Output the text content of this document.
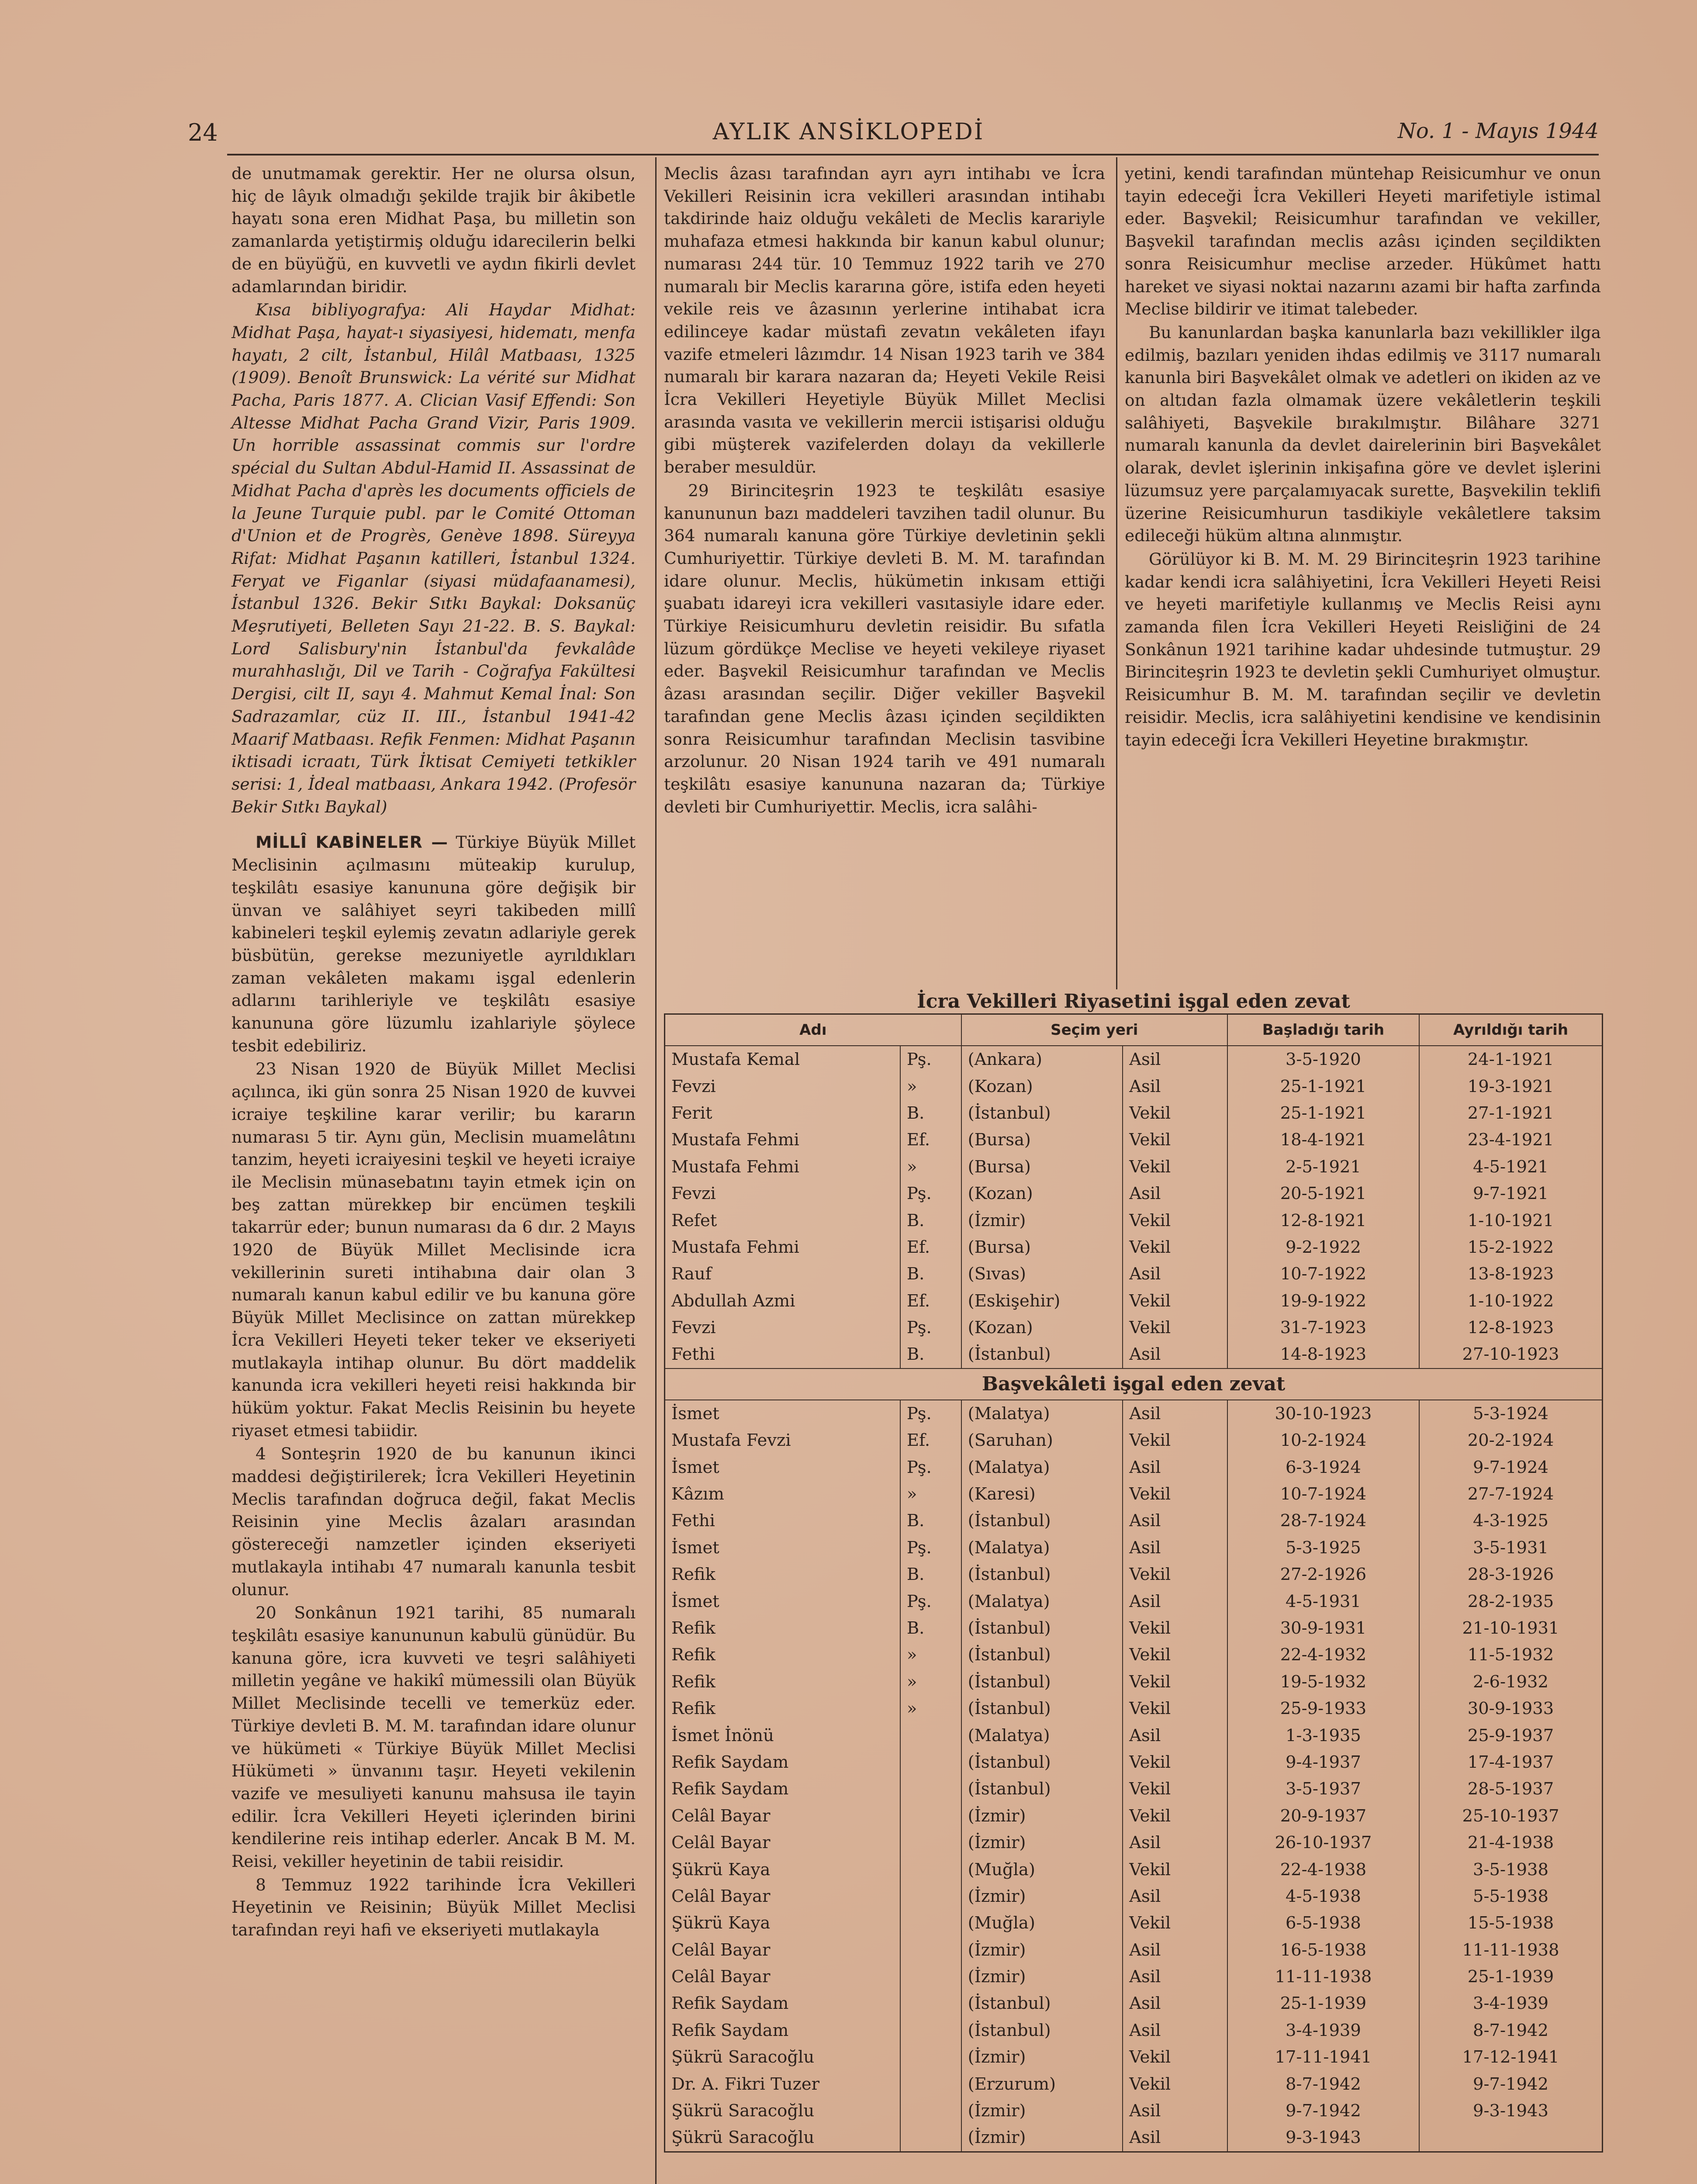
24	AYLIK ANSİKLOPEDİ	No. 1 - Mayıs 1944

de unutmamak gerektir. Her ne olursa olsun, hiç de lâyık olmadığı şekilde trajik bir âkibetle hayatı sona eren Midhat Paşa, bu milletin son zamanlarda yetiştirmiş olduğu idarecilerin belki de en büyüğü, en kuvvetli ve aydın fikirli devlet adamlarından biridir.

Kısa bibliyografya: Ali Haydar Midhat: Midhat Paşa, hayat-ı siyasiyesi, hidematı, menfa hayatı, 2 cilt, İstanbul, Hilâl Matbaası, 1325 (1909). Benoît Brunswick: La vérité sur Midhat Pacha, Paris 1877. A. Clician Vasif Effendi: Son Altesse Midhat Pacha Grand Vizir, Paris 1909. Un horrible assassinat commis sur l'ordre spécial du Sultan Abdul-Hamid II. Assassinat de Midhat Pacha d'après les documents officiels de la Jeune Turquie publ. par le Comité Ottoman d'Union et de Progrès, Genève 1898. Süreyya Rifat: Midhat Paşanın katilleri, İstanbul 1324. Feryat ve Figanlar (siyasi müdafaanamesi), İstanbul 1326. Bekir Sıtkı Baykal: Doksanüç Meşrutiyeti, Belleten Sayı 21-22. B. S. Baykal: Lord Salisbury'nin İstanbul'da fevkalâde murahhaslığı, Dil ve Tarih - Coğrafya Fakültesi Dergisi, cilt II, sayı 4. Mahmut Kemal İnal: Son Sadrazamlar, cüz II. III., İstanbul 1941-42 Maarif Matbaası. Refik Fenmen: Midhat Paşanın iktisadi icraatı, Türk İktisat Cemiyeti tetkikler serisi: 1, İdeal matbaası, Ankara 1942. (Profesör Bekir Sıtkı Baykal)

MİLLÎ KABİNELER — Türkiye Büyük Millet Meclisinin açılmasını müteakip kurulup, teşkilâtı esasiye kanununa göre değişik bir ünvan ve salâhiyet seyri takibeden millî kabineleri teşkil eylemiş zevatın adlariyle gerek büsbütün, gerekse mezuniyetle ayrıldıkları zaman vekâleten makamı işgal edenlerin adlarını tarihleriyle ve teşkilâtı esasiye kanununa göre lüzumlu izahlariyle şöylece tesbit edebiliriz.

23 Nisan 1920 de Büyük Millet Meclisi açılınca, iki gün sonra 25 Nisan 1920 de kuvvei icraiye teşkiline karar verilir; bu kararın numarası 5 tir. Aynı gün, Meclisin muamelâtını tanzim, heyeti icraiyesini teşkil ve heyeti icraiye ile Meclisin münasebatını tayin etmek için on beş zattan mürekkep bir encümen teşkili takarrür eder; bunun numarası da 6 dır. 2 Mayıs 1920 de Büyük Millet Meclisinde icra vekillerinin sureti intihabına dair olan 3 numaralı kanun kabul edilir ve bu kanuna göre Büyük Millet Meclisince on zattan mürekkep İcra Vekilleri Heyeti teker teker ve ekseriyeti mutlakayla intihap olunur. Bu dört maddelik kanunda icra vekilleri heyeti reisi hakkında bir hüküm yoktur. Fakat Meclis Reisinin bu heyete riyaset etmesi tabiidir.

4 Sonteşrin 1920 de bu kanunun ikinci maddesi değiştirilerek; İcra Vekilleri Heyetinin Meclis tarafından doğruca değil, fakat Meclis Reisinin yine Meclis âzaları arasından göstereceği namzetler içinden ekseriyeti mutlakayla intihabı 47 numaralı kanunla tesbit olunur.

20 Sonkânun 1921 tarihi, 85 numaralı teşkilâtı esasiye kanununun kabulü günüdür. Bu kanuna göre, icra kuvveti ve teşri salâhiyeti milletin yegâne ve hakikî mümessili olan Büyük Millet Meclisinde tecelli ve temerküz eder. Türkiye devleti B. M. M. tarafından idare olunur ve hükümeti « Türkiye Büyük Millet Meclisi Hükümeti » ünvanını taşır. Heyeti vekilenin vazife ve mesuliyeti kanunu mahsusa ile tayin edilir. İcra Vekilleri Heyeti içlerinden birini kendilerine reis intihap ederler. Ancak B M. M. Reisi, vekiller heyetinin de tabii reisidir.

8 Temmuz 1922 tarihinde İcra Vekilleri Heyetinin ve Reisinin; Büyük Millet Meclisi tarafından reyi hafi ve ekseriyeti mutlakayla

Meclis âzası tarafından ayrı ayrı intihabı ve İcra Vekilleri Reisinin icra vekilleri arasından intihabı takdirinde haiz olduğu vekâleti de Meclis karariyle muhafaza etmesi hakkında bir kanun kabul olunur; numarası 244 tür. 10 Temmuz 1922 tarih ve 270 numaralı bir Meclis kararına göre, istifa eden heyeti vekile reis ve âzasının yerlerine intihabat icra edilinceye kadar müstafi zevatın vekâleten ifayı vazife etmeleri lâzımdır. 14 Nisan 1923 tarih ve 384 numaralı bir karara nazaran da; Heyeti Vekile Reisi İcra Vekilleri Heyetiyle Büyük Millet Meclisi arasında vasıta ve vekillerin mercii istişarisi olduğu gibi müşterek vazifelerden dolayı da vekillerle beraber mesuldür.

29 Birinciteşrin 1923 te teşkilâtı esasiye kanununun bazı maddeleri tavzihen tadil olunur. Bu 364 numaralı kanuna göre Türkiye devletinin şekli Cumhuriyettir. Türkiye devleti B. M. M. tarafından idare olunur. Meclis, hükümetin inkısam ettiği şuabatı idareyi icra vekilleri vasıtasiyle idare eder. Türkiye Reisicumhuru devletin reisidir. Bu sıfatla lüzum gördükçe Meclise ve heyeti vekileye riyaset eder. Başvekil Reisicumhur tarafından ve Meclis âzası arasından seçilir. Diğer vekiller Başvekil tarafından gene Meclis âzası içinden seçildikten sonra Reisicumhur tarafından Meclisin tasvibine arzolunur. 20 Nisan 1924 tarih ve 491 numaralı teşkilâtı esasiye kanununa nazaran da; Türkiye devleti bir Cumhuriyettir. Meclis, icra salâhi-

yetini, kendi tarafından müntehap Reisicumhur ve onun tayin edeceği İcra Vekilleri Heyeti marifetiyle istimal eder. Başvekil; Reisicumhur tarafından ve vekiller, Başvekil tarafından meclis azâsı içinden seçildikten sonra Reisicumhur meclise arzeder. Hükûmet hattı hareket ve siyasi noktai nazarını azami bir hafta zarfında Meclise bildirir ve itimat talebeder.

Bu kanunlardan başka kanunlarla bazı vekillikler ilga edilmiş, bazıları yeniden ihdas edilmiş ve 3117 numaralı kanunla biri Başvekâlet olmak ve adetleri on ikiden az ve on altıdan fazla olmamak üzere vekâletlerin teşkili salâhiyeti, Başvekile bırakılmıştır. Bilâhare 3271 numaralı kanunla da devlet dairelerinin biri Başvekâlet olarak, devlet işlerinin inkişafına göre ve devlet işlerini lüzumsuz yere parçalamıyacak surette, Başvekilin teklifi üzerine Reisicumhurun tasdikiyle vekâletlere taksim edileceği hüküm altına alınmıştır.

Görülüyor ki B. M. M. 29 Birinciteşrin 1923 tarihine kadar kendi icra salâhiyetini, İcra Vekilleri Heyeti Reisi ve heyeti marifetiyle kullanmış ve Meclis Reisi aynı zamanda filen İcra Vekilleri Heyeti Reisliğini de 24 Sonkânun 1921 tarihine kadar uhdesinde tutmuştur. 29 Birinciteşrin 1923 te devletin şekli Cumhuriyet olmuştur. Reisicumhur B. M. M. tarafından seçilir ve devletin reisidir. Meclis, icra salâhiyetini kendisine ve kendisinin tayin edeceği İcra Vekilleri Heyetine bırakmıştır.

İcra Vekilleri Riyasetini işgal eden zevat
Adı		Seçim yeri		Başladığı tarih	Ayrıldığı tarih
Mustafa Kemal	Pş.	(Ankara)	Asil	3-5-1920	24-1-1921
Fevzi	»	(Kozan)	Asil	25-1-1921	19-3-1921
Ferit	B.	(İstanbul)	Vekil	25-1-1921	27-1-1921
Mustafa Fehmi	Ef.	(Bursa)	Vekil	18-4-1921	23-4-1921
Mustafa Fehmi	»	(Bursa)	Vekil	2-5-1921	4-5-1921
Fevzi	Pş.	(Kozan)	Asil	20-5-1921	9-7-1921
Refet	B.	(İzmir)	Vekil	12-8-1921	1-10-1921
Mustafa Fehmi	Ef.	(Bursa)	Vekil	9-2-1922	15-2-1922
Rauf	B.	(Sıvas)	Asil	10-7-1922	13-8-1923
Abdullah Azmi	Ef.	(Eskişehir)	Vekil	19-9-1922	1-10-1922
Fevzi	Pş.	(Kozan)	Vekil	31-7-1923	12-8-1923
Fethi	B.	(İstanbul)	Asil	14-8-1923	27-10-1923
Başvekâleti işgal eden zevat					
İsmet	Pş.	(Malatya)	Asil	30-10-1923	5-3-1924
Mustafa Fevzi	Ef.	(Saruhan)	Vekil	10-2-1924	20-2-1924
İsmet	Pş.	(Malatya)	Asil	6-3-1924	9-7-1924
Kâzım	»	(Karesi)	Vekil	10-7-1924	27-7-1924
Fethi	B.	(İstanbul)	Asil	28-7-1924	4-3-1925
İsmet	Pş.	(Malatya)	Asil	5-3-1925	3-5-1931
Refik	B.	(İstanbul)	Vekil	27-2-1926	28-3-1926
İsmet	Pş.	(Malatya)	Asil	4-5-1931	28-2-1935
Refik	B.	(İstanbul)	Vekil	30-9-1931	21-10-1931
Refik	»	(İstanbul)	Vekil	22-4-1932	11-5-1932
Refik	»	(İstanbul)	Vekil	19-5-1932	2-6-1932
Refik	»	(İstanbul)	Vekil	25-9-1933	30-9-1933
İsmet İnönü		(Malatya)	Asil	1-3-1935	25-9-1937
Refik Saydam		(İstanbul)	Vekil	9-4-1937	17-4-1937
Refik Saydam		(İstanbul)	Vekil	3-5-1937	28-5-1937
Celâl Bayar		(İzmir)	Vekil	20-9-1937	25-10-1937
Celâl Bayar		(İzmir)	Asil	26-10-1937	21-4-1938
Şükrü Kaya		(Muğla)	Vekil	22-4-1938	3-5-1938
Celâl Bayar		(İzmir)	Asil	4-5-1938	5-5-1938
Şükrü Kaya		(Muğla)	Vekil	6-5-1938	15-5-1938
Celâl Bayar		(İzmir)	Asil	16-5-1938	11-11-1938
Celâl Bayar		(İzmir)	Asil	11-11-1938	25-1-1939
Refik Saydam		(İstanbul)	Asil	25-1-1939	3-4-1939
Refik Saydam		(İstanbul)	Asil	3-4-1939	8-7-1942
Şükrü Saracoğlu		(İzmir)	Vekil	17-11-1941	17-12-1941
Dr. A. Fikri Tuzer		(Erzurum)	Vekil	8-7-1942	9-7-1942
Şükrü Saracoğlu		(İzmir)	Asil	9-7-1942	9-3-1943
Şükrü Saracoğlu		(İzmir)	Asil	9-3-1943	
